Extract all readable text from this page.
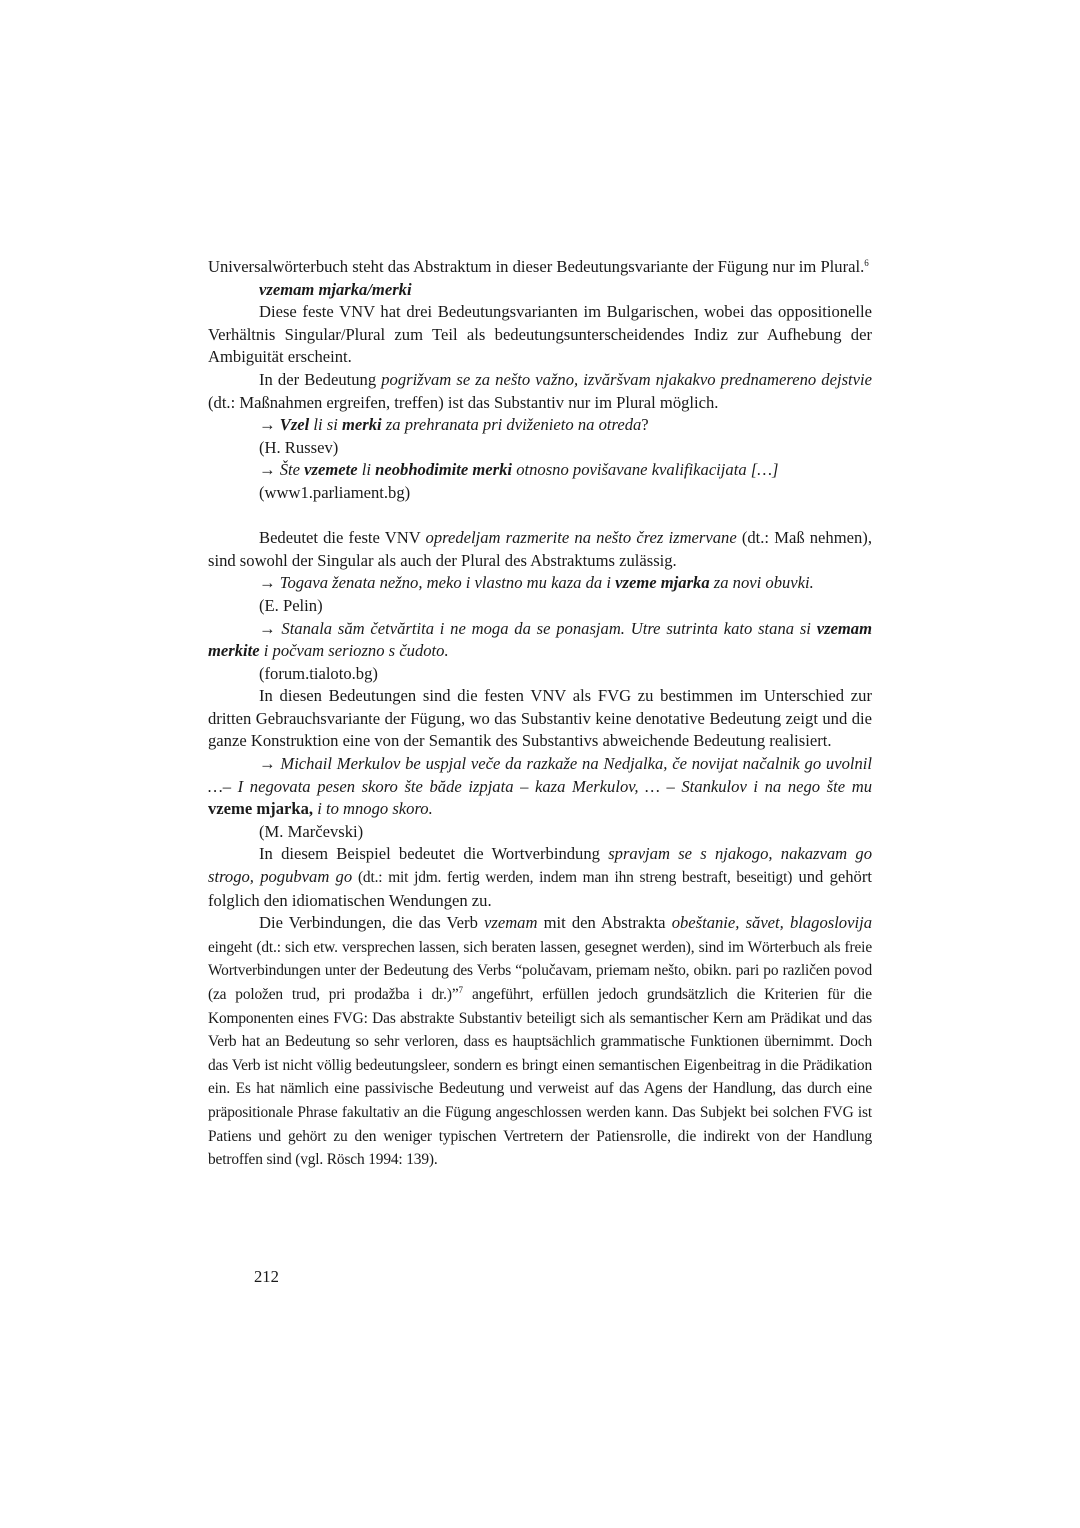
Universalwörterbuch steht das Abstraktum in dieser Bedeutungsvariante der Fügung nur im Plural.$^6$

vzemam mjarka/merki

Diese feste VNV hat drei Bedeutungsvarianten im Bulgarischen, wobei das oppositionelle Verhältnis Singular/Plural zum Teil als bedeutungsunterscheidendes Indiz zur Aufhebung der Ambiguität erscheint.

In der Bedeutung pogrižvam se za nešto važno, izvăršvam njakakvo prednamereno dejstvie (dt.: Maßnahmen ergreifen, treffen) ist das Substantiv nur im Plural möglich.

→ Vzel li si merki za prehranata pri dviženieto na otreda?

(H. Russev)

→ Šte vzemete li neobhodimite merki otnosno povišavane kvalifikacijata […]

(www1.parliament.bg)

Bedeutet die feste VNV opredeljam razmerite na nešto črez izmervane (dt.: Maß nehmen), sind sowohl der Singular als auch der Plural des Abstraktums zulässig.

→ Togava ženata nežno, meko i vlastno mu kaza da i vzeme mjarka za novi obuvki.

(E. Pelin)

→ Stanala săm četvărtita i ne moga da se ponasjam. Utre sutrinta kato stana si vzemam merkite i počvam seriozno s čudoto.

(forum.tialoto.bg)

In diesen Bedeutungen sind die festen VNV als FVG zu bestimmen im Unterschied zur dritten Gebrauchsvariante der Fügung, wo das Substantiv keine denotative Bedeutung zeigt und die ganze Konstruktion eine von der Semantik des Substantivs abweichende Bedeutung realisiert.

→ Michail Merkulov be uspjal veče da razkaže na Nedjalka, če novijat načalnik go uvolnil …– I negovata pesen skoro šte băde izpjata – kaza Merkulov, … – Stankulov i na nego šte mu vzeme mjarka, i to mnogo skoro.

(M. Marčevski)

In diesem Beispiel bedeutet die Wortverbindung spravjam se s njakogo, nakazvam go strogo, pogubvam go (dt.: mit jdm. fertig werden, indem man ihn streng bestraft, beseitigt) und gehört folglich den idiomatischen Wendungen zu.

Die Verbindungen, die das Verb vzemam mit den Abstrakta obeštanie, săvet, blagoslovija eingeht (dt.: sich etw. versprechen lassen, sich beraten lassen, gesegnet werden), sind im Wörterbuch als freie Wortverbindungen unter der Bedeutung des Verbs “polučavam, priemam nešto, obikn. pari po različen povod (za položen trud, pri prodažba i dr.)”$^7$ angeführt, erfüllen jedoch grundsätzlich die Kriterien für die Komponenten eines FVG: Das abstrakte Substantiv beteiligt sich als semantischer Kern am Prädikat und das Verb hat an Bedeutung so sehr verloren, dass es hauptsächlich grammatische Funktionen übernimmt. Doch das Verb ist nicht völlig bedeutungsleer, sondern es bringt einen semantischen Eigenbeitrag in die Prädikation ein. Es hat nämlich eine passivische Bedeutung und verweist auf das Agens der Handlung, das durch eine präpositionale Phrase fakultativ an die Fügung angeschlossen werden kann. Das Subjekt bei solchen FVG ist Patiens und gehört zu den weniger typischen Vertretern der Patiensrolle, die indirekt von der Handlung betroffen sind (vgl. Rösch 1994: 139).

212
